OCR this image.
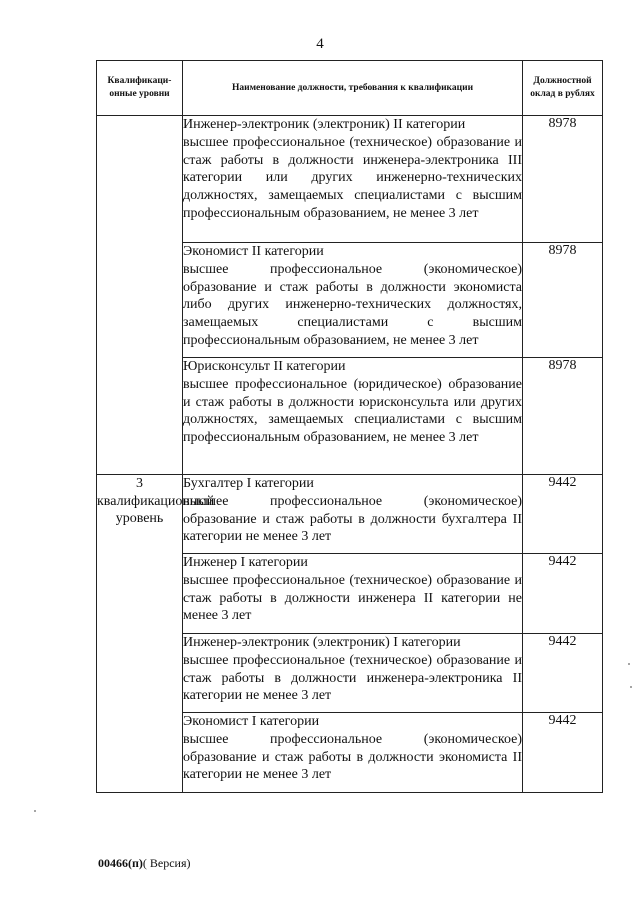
4
Квалификаци-онные уровни	Наименование должности, требования к квалификации	Должностной оклад в рублях

	Инженер-электроник (электроник) II категории
высшее профессиональное (техническое) образование и стаж работы в должности инженера-электроника III категории или других инженерно-технических должностях, замещаемых специалистами с высшим профессиональным образованием, не менее 3 лет	8978

	Экономист II категории
высшее профессиональное (экономическое) образование и стаж работы в должности экономиста либо других инженерно-технических должностях, замещаемых специалистами с высшим профессиональным образованием, не менее 3 лет	8978

	Юрисконсульт II категории
высшее профессиональное (юридическое) образование и стаж работы в должности юрисконсульта или других должностях, замещаемых специалистами с высшим профессиональным образованием, не менее 3 лет	8978
3 квалификационный уровень	Бухгалтер I категории
высшее профессиональное (экономическое) образование и стаж работы в должности бухгалтера II категории не менее 3 лет	9442

	Инженер I категории
высшее профессиональное (техническое) образование и стаж работы в должности инженера II категории не менее 3 лет	9442

	Инженер-электроник (электроник) I категории
высшее профессиональное (техническое) образование и стаж работы в должности инженера-электроника II категории не менее 3 лет	9442

	Экономист I категории
высшее профессиональное (экономическое) образование и стаж работы в должности экономиста II категории не менее 3 лет	9442
00466(п)( Версия)
